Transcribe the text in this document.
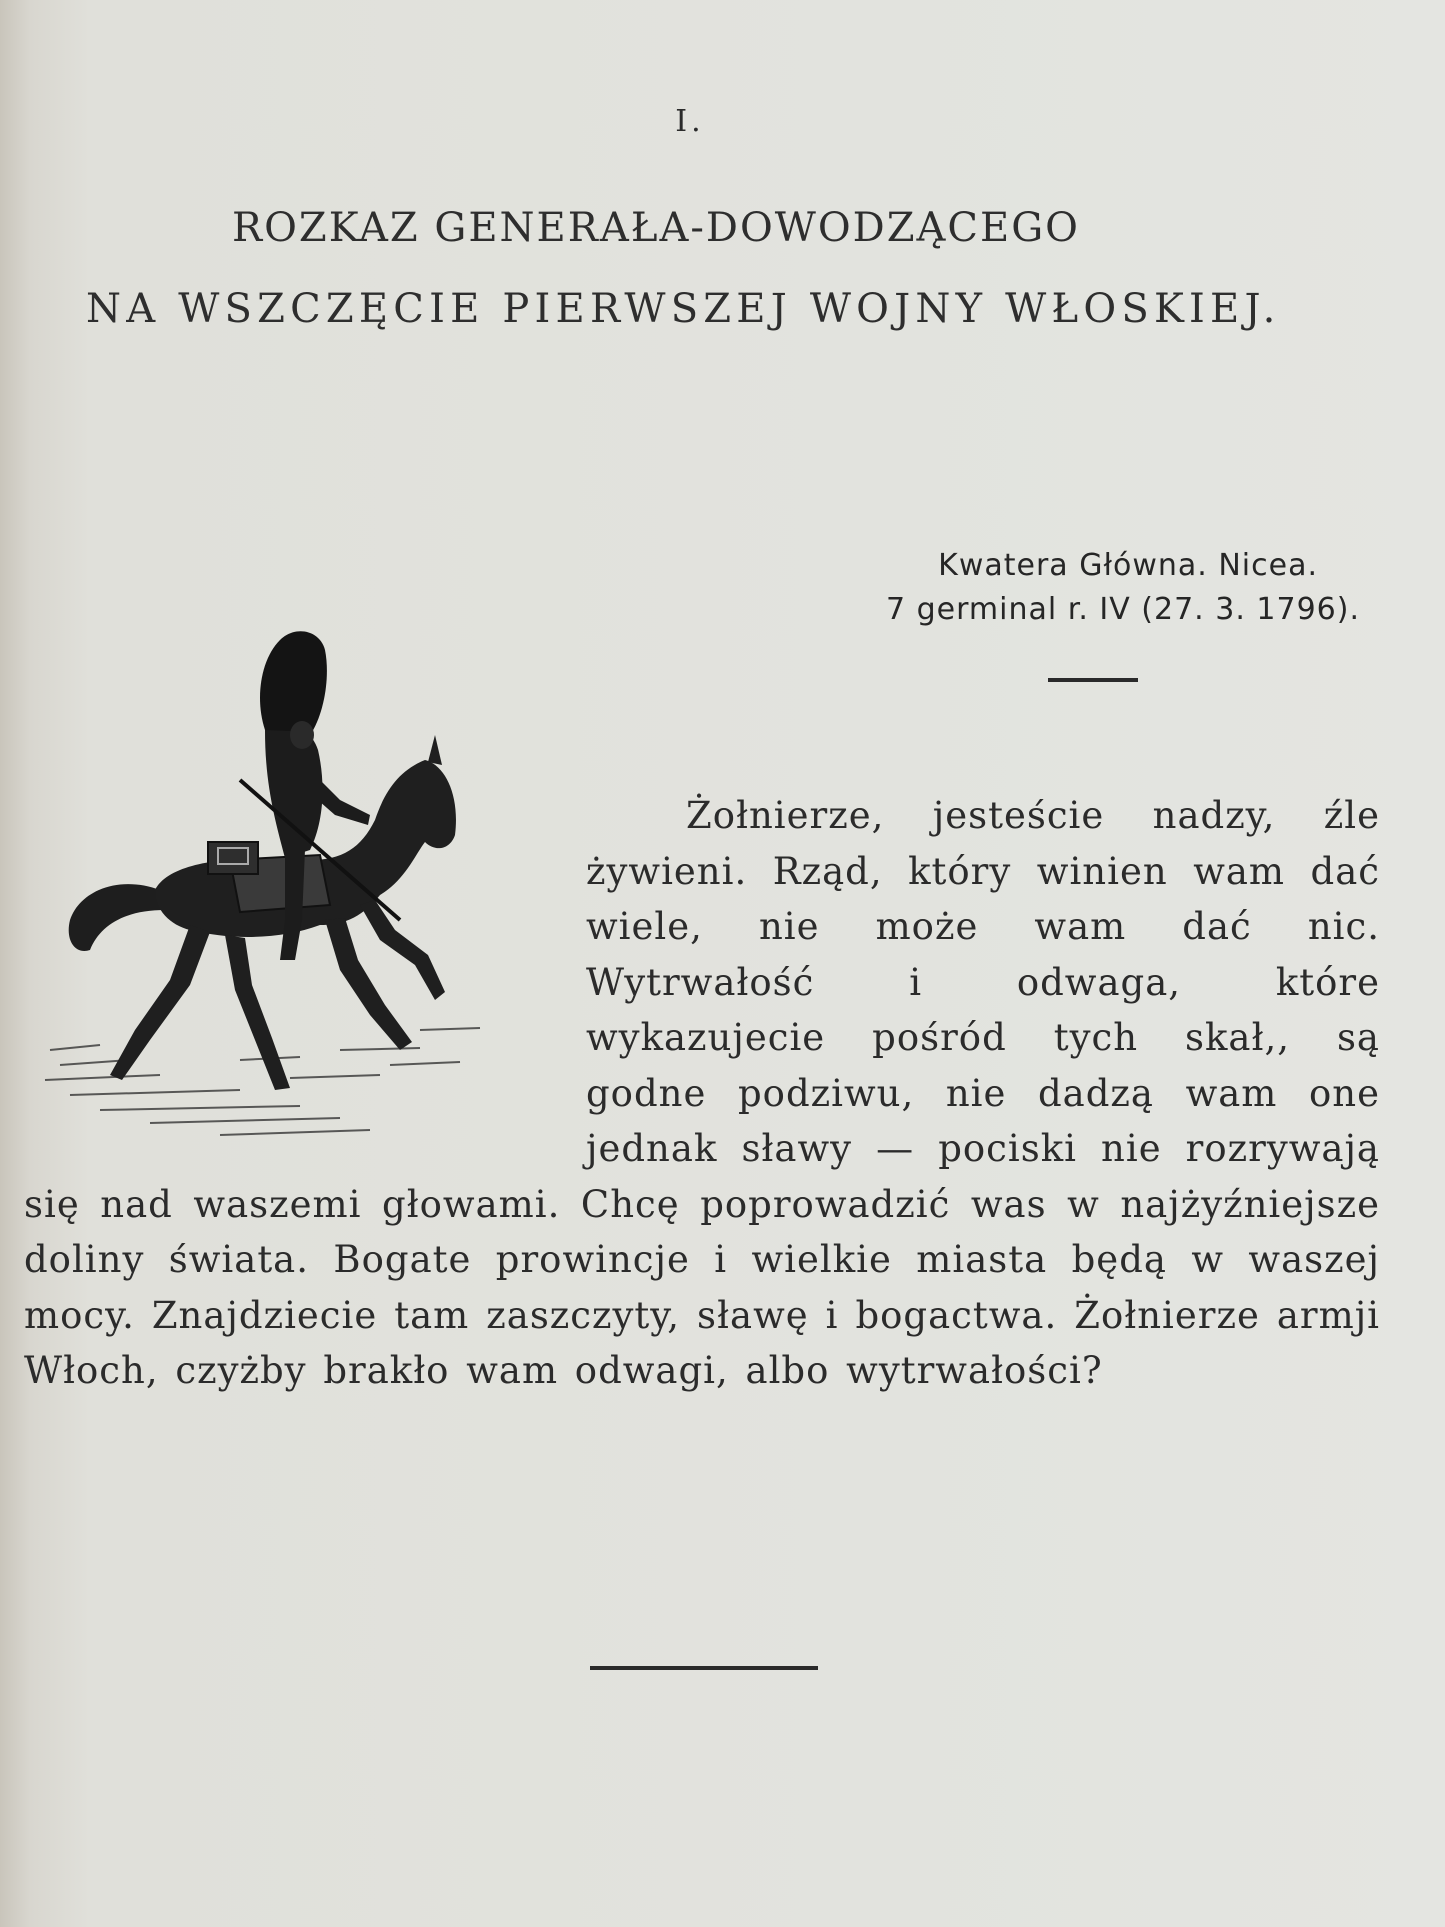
I.
ROZKAZ GENERAŁA-DOWODZĄCEGO
NA WSZCZĘCIE PIERWSZEJ WOJNY WŁOSKIEJ.
Kwatera Główna. Nicea.
7 germinal r. IV (27. 3. 1796).

Żołnierze, jesteście nadzy, źle żywieni. Rząd, który winien wam dać wiele, nie może wam dać nic. Wytrwałość i odwaga, które wykazujecie pośród tych skał,, są godne podziwu, nie dadzą wam one jednak sławy — pociski nie rozrywają się nad waszemi głowami. Chcę poprowadzić was w najżyźniejsze doliny świata. Bogate prowincje i wielkie miasta będą w waszej mocy. Znajdziecie tam zaszczyty, sławę i bogactwa. Żołnierze armji Włoch, czyżby brakło wam odwagi, albo wytrwałości?
